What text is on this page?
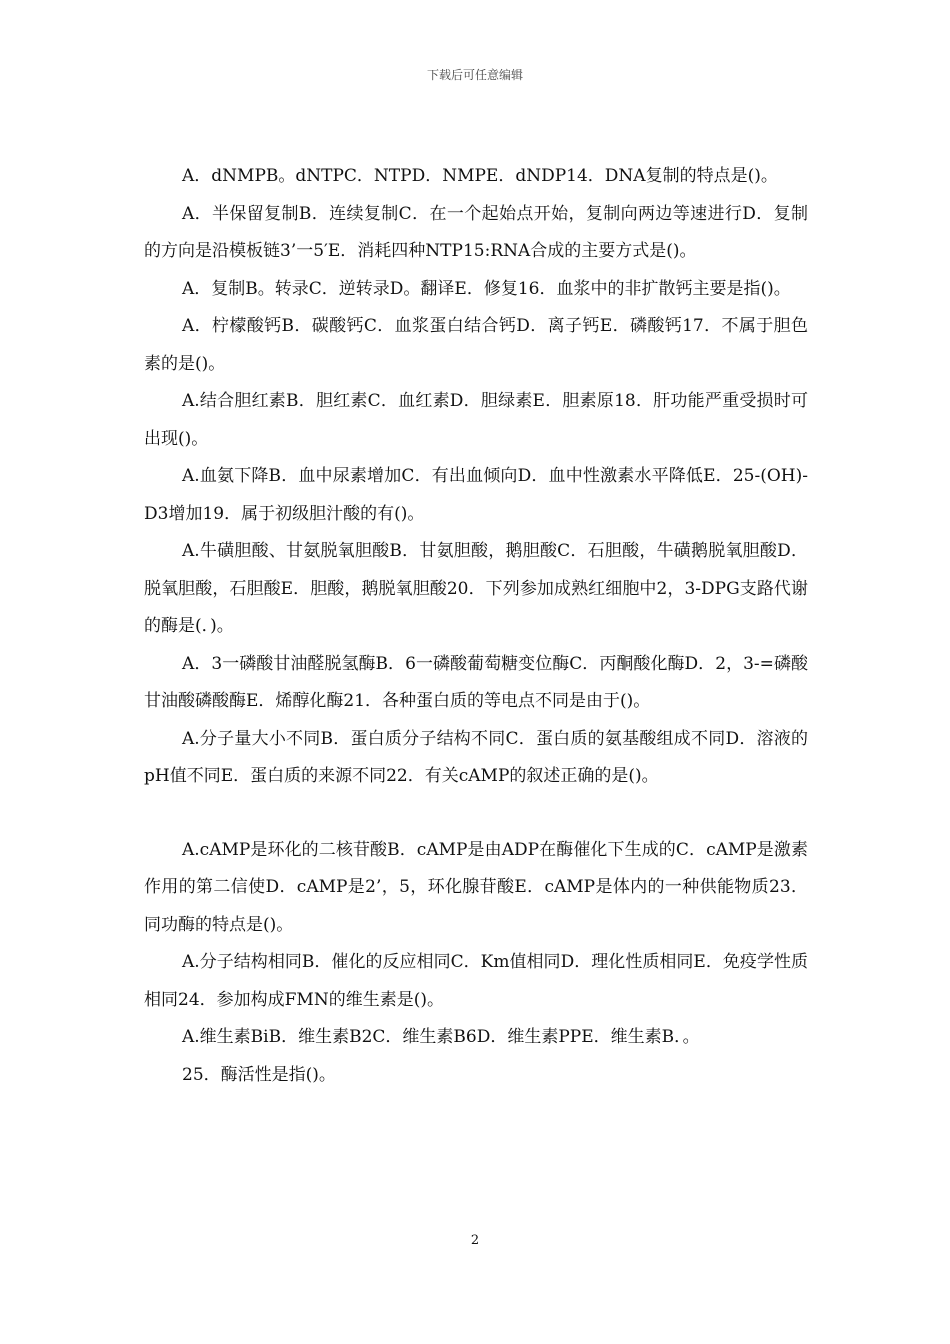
下载后可任意编辑

A．dNMPB。dNTPC．NTPD．NMPE．dNDP14．DNA复制的特点是()。

A．半保留复制B．连续复制C．在一个起始点开始，复制向两边等速进行D．复制的方向是沿模板链3’一5′E．消耗四种NTP15:RNA合成的主要方式是()。

A．复制B。转录C．逆转录D。翻译E．修复16．血浆中的非扩散钙主要是指()。

A．柠檬酸钙B．碳酸钙C．血浆蛋白结合钙D．离子钙E．磷酸钙17．不属于胆色素的是()。

A.结合胆红素B．胆红素C．血红素D．胆绿素E．胆素原18．肝功能严重受损时可出现()。

A.血氨下降B．血中尿素增加C．有出血倾向D．血中性激素水平降低E．25-(OH)-D3增加19．属于初级胆汁酸的有()。

A.牛磺胆酸、甘氨脱氧胆酸B．甘氨胆酸，鹅胆酸C．石胆酸，牛磺鹅脱氧胆酸D．脱氧胆酸，石胆酸E．胆酸，鹅脱氧胆酸20．下列参加成熟红细胞中2，3-DPG支路代谢的酶是(．)。

A．3一磷酸甘油醛脱氢酶B．6一磷酸葡萄糖变位酶C．丙酮酸化酶D．2，3-=磷酸甘油酸磷酸酶E．烯醇化酶21．各种蛋白质的等电点不同是由于()。

A.分子量大小不同B．蛋白质分子结构不同C．蛋白质的氨基酸组成不同D．溶液的pH值不同E．蛋白质的来源不同22．有关cAMP的叙述正确的是()。

A.cAMP是环化的二核苷酸B．cAMP是由ADP在酶催化下生成的C．cAMP是激素作用的第二信使D．cAMP是2’，5，环化腺苷酸E．cAMP是体内的一种供能物质23．同功酶的特点是()。

A.分子结构相同B．催化的反应相同C．Km值相同D．理化性质相同E．免疫学性质相同24．参加构成FMN的维生素是()。

A.维生素BiB．维生素B2C．维生素B6D．维生素PPE．维生素B．。

25．酶活性是指()。

2
